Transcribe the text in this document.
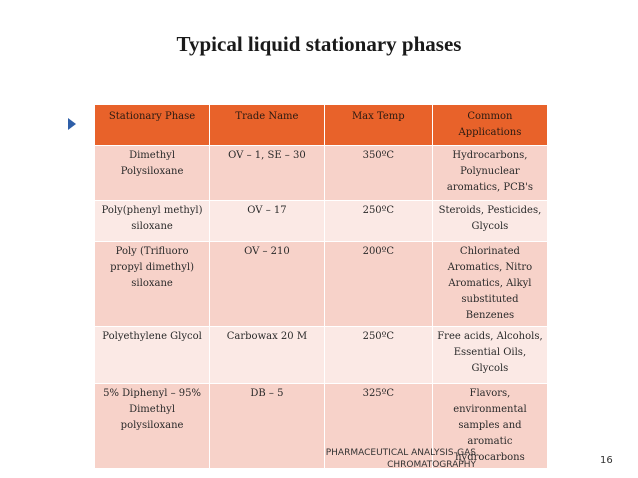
Typical liquid stationary phases
Stationary Phase	Trade Name	Max Temp	Common Applications
Dimethyl Polysiloxane	OV – 1, SE – 30	350ºC	Hydrocarbons, Polynuclear aromatics, PCB's
Poly(phenyl methyl) siloxane	OV – 17	250ºC	Steroids, Pesticides, Glycols
Poly (Trifluoro propyl dimethyl) siloxane	OV – 210	200ºC	Chlorinated Aromatics, Nitro Aromatics, Alkyl substituted Benzenes
Polyethylene Glycol	Carbowax 20 M	250ºC	Free acids, Alcohols, Essential Oils, Glycols
5% Diphenyl – 95% Dimethyl polysiloxane	DB – 5	325ºC	Flavors, environmental samples and aromatic hydrocarbons
PHARMACEUTICAL ANALYSIS-GAS
CHROMATOGRAPHY	16
